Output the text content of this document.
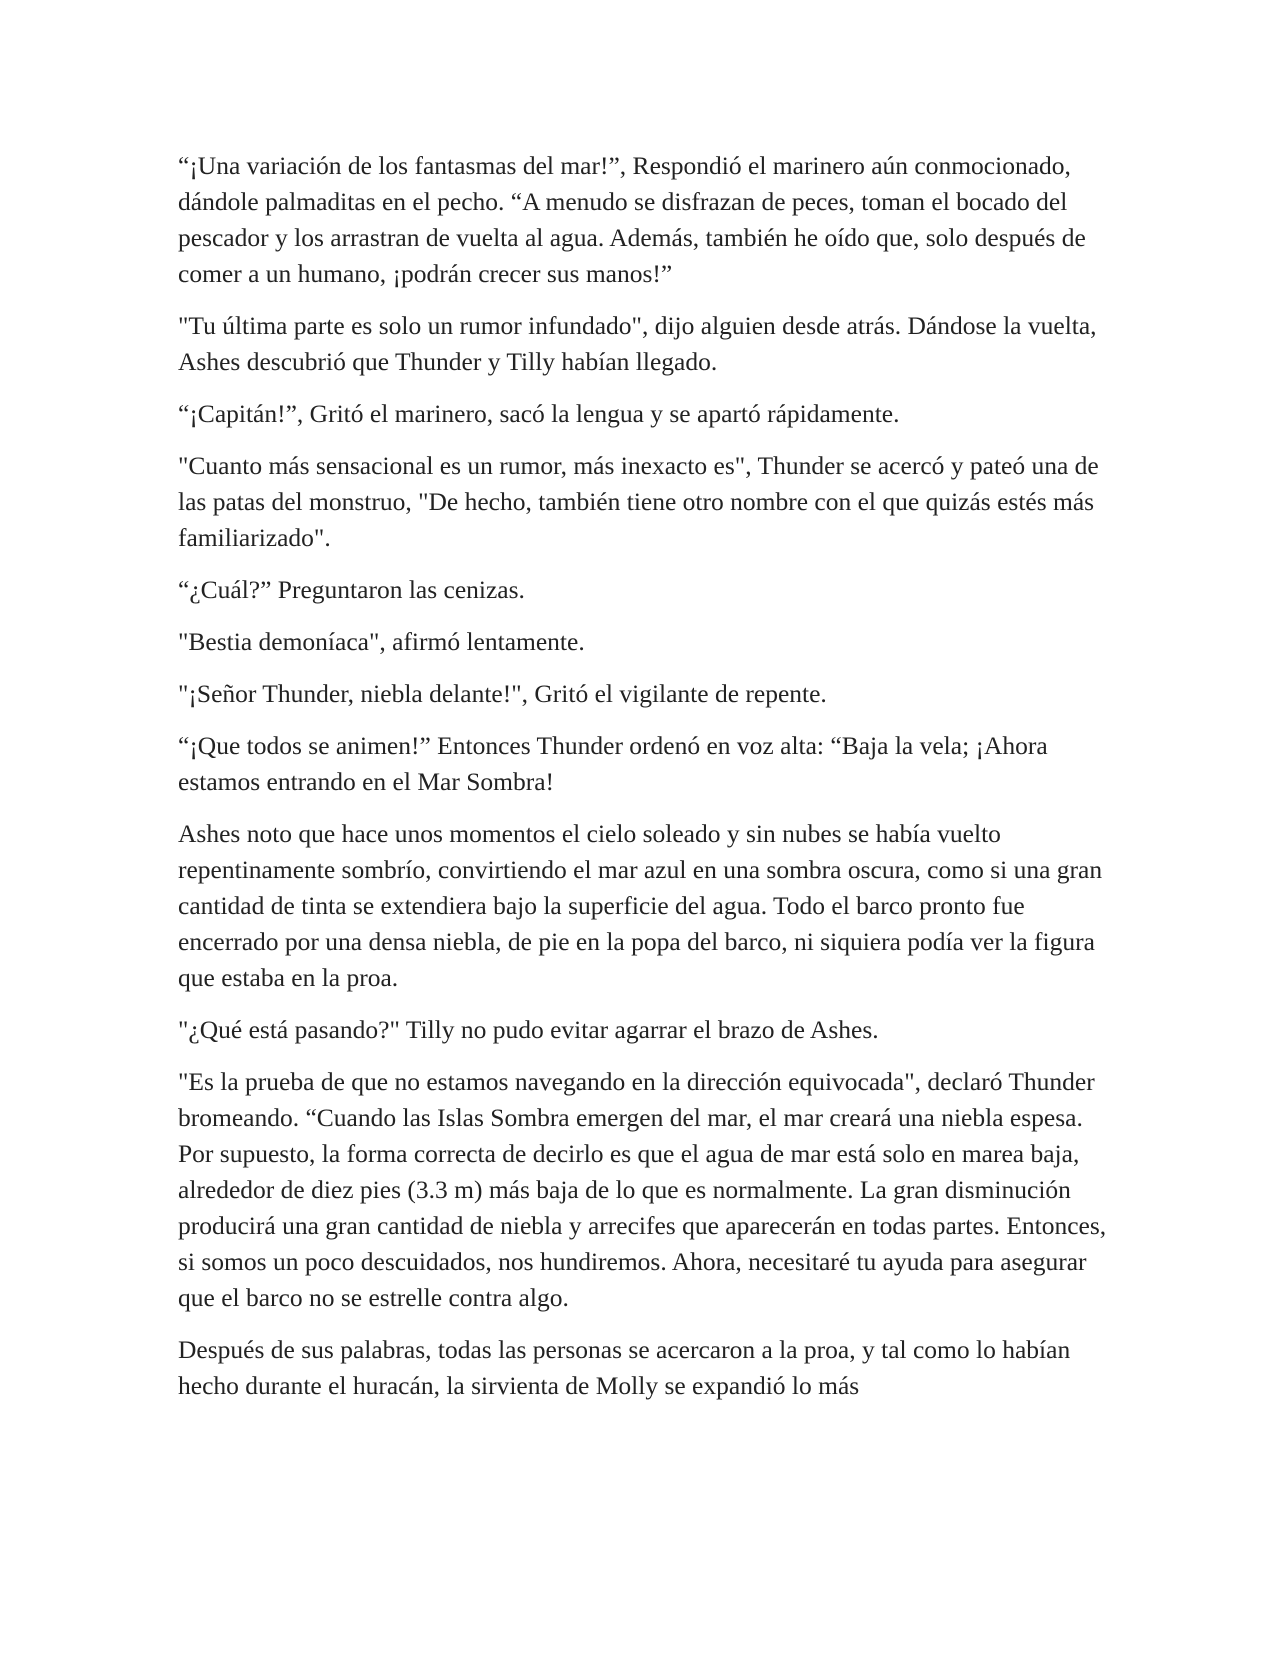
“¡Una variación de los fantasmas del mar!”, Respondió el marinero aún conmocionado, dándole palmaditas en el pecho. “A menudo se disfrazan de peces, toman el bocado del pescador y los arrastran de vuelta al agua. Además, también he oído que, solo después de comer a un humano, ¡podrán crecer sus manos!”

"Tu última parte es solo un rumor infundado", dijo alguien desde atrás. Dándose la vuelta, Ashes descubrió que Thunder y Tilly habían llegado.

“¡Capitán!”, Gritó el marinero, sacó la lengua y se apartó rápidamente.

"Cuanto más sensacional es un rumor, más inexacto es", Thunder se acercó y pateó una de las patas del monstruo, "De hecho, también tiene otro nombre con el que quizás estés más familiarizado".

“¿Cuál?” Preguntaron las cenizas.

"Bestia demoníaca", afirmó lentamente.

"¡Señor Thunder, niebla delante!", Gritó el vigilante de repente.

“¡Que todos se animen!” Entonces Thunder ordenó en voz alta: “Baja la vela; ¡Ahora estamos entrando en el Mar Sombra!

Ashes noto que hace unos momentos el cielo soleado y sin nubes se había vuelto repentinamente sombrío, convirtiendo el mar azul en una sombra oscura, como si una gran cantidad de tinta se extendiera bajo la superficie del agua. Todo el barco pronto fue encerrado por una densa niebla, de pie en la popa del barco, ni siquiera podía ver la figura que estaba en la proa.

"¿Qué está pasando?" Tilly no pudo evitar agarrar el brazo de Ashes.

"Es la prueba de que no estamos navegando en la dirección equivocada", declaró Thunder bromeando. “Cuando las Islas Sombra emergen del mar, el mar creará una niebla espesa. Por supuesto, la forma correcta de decirlo es que el agua de mar está solo en marea baja, alrededor de diez pies (3.3 m) más baja de lo que es normalmente. La gran disminución producirá una gran cantidad de niebla y arrecifes que aparecerán en todas partes. Entonces, si somos un poco descuidados, nos hundiremos. Ahora, necesitaré tu ayuda para asegurar que el barco no se estrelle contra algo.

Después de sus palabras, todas las personas se acercaron a la proa, y tal como lo habían hecho durante el huracán, la sirvienta de Molly se expandió lo más
